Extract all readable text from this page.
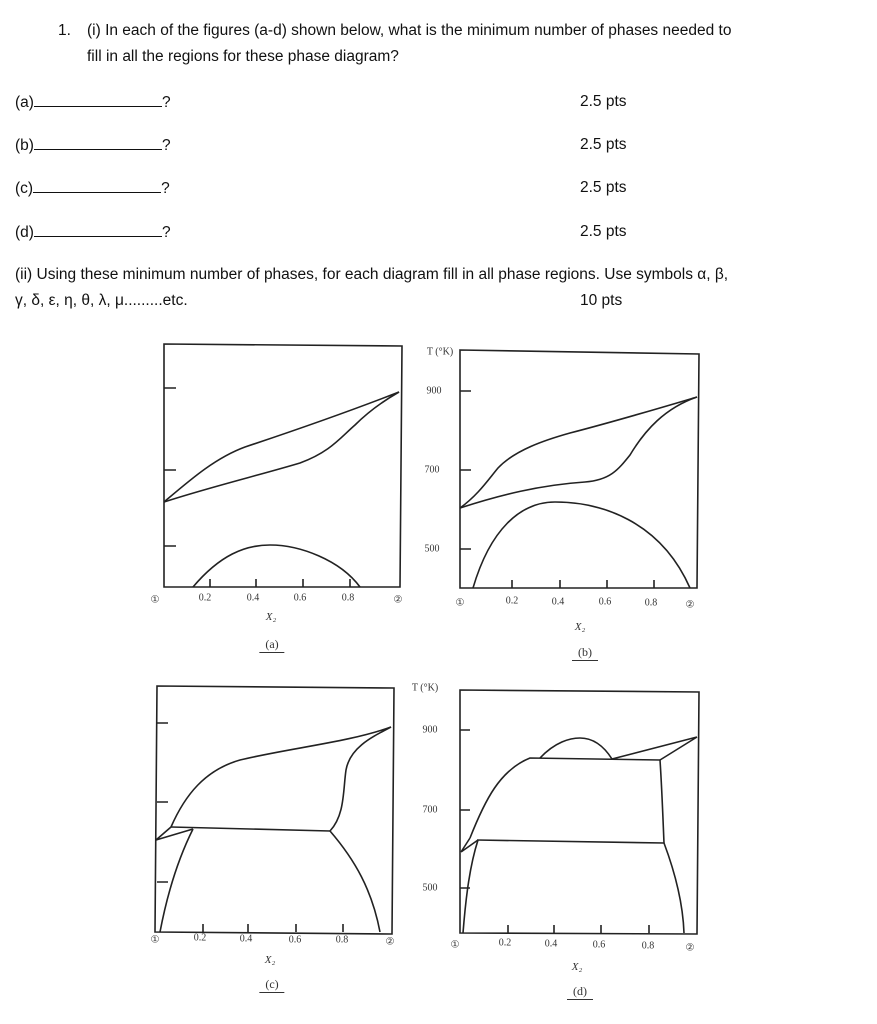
1. (i) In each of the figures (a-d) shown below, what is the minimum number of phases needed to
fill in all the regions for these phase diagram?
(a)	?	2.5 pts
(b)	?	2.5 pts
(c)	?	2.5 pts
(d)	?	2.5 pts
(ii) Using these minimum number of phases, for each diagram fill in all phase regions. Use symbols α, β,
γ, δ, ε, η, θ, λ, μ.........etc.	10 pts
①	0.2	0.4	0.6	0.8	②
X₂
(a)
T (°K)
900
700
500
①	0.2	0.4	0.6	0.8	②
X₂
(b)
①	0.2	0.4	0.6	0.8	②
X₂
(c)
T (°K)
900
700
500
①	0.2	0.4	0.6	0.8	②
X₂
(d)
